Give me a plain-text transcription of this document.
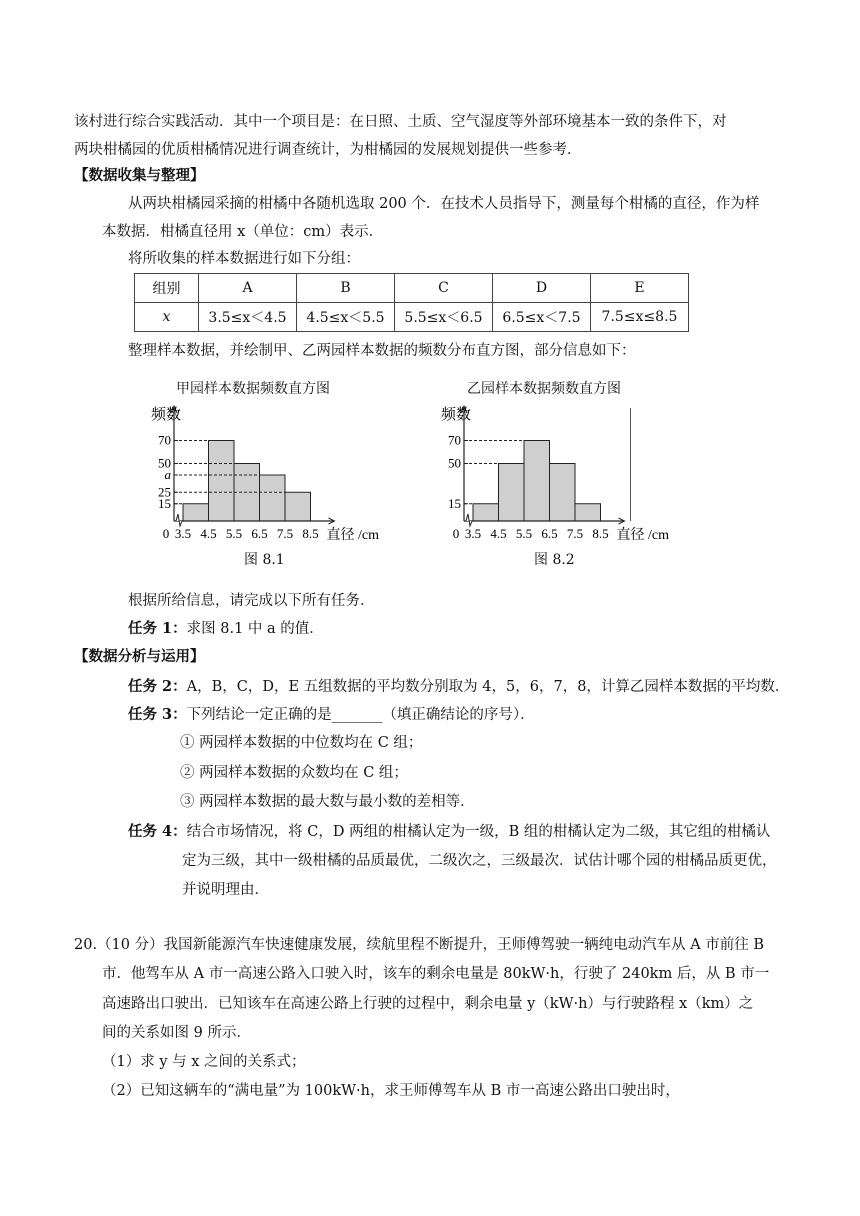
该村进行综合实践活动．其中一个项目是：在日照、土质、空气湿度等外部环境基本一致的条件下，对
两块柑橘园的优质柑橘情况进行调查统计，为柑橘园的发展规划提供一些参考．
【数据收集与整理】
从两块柑橘园采摘的柑橘中各随机选取 200 个．在技术人员指导下，测量每个柑橘的直径，作为样
本数据．柑橘直径用 x（单位：cm）表示．
将所收集的样本数据进行如下分组：
组别	A	B	C	D	E
x	3.5≤x＜4.5	4.5≤x＜5.5	5.5≤x＜6.5	6.5≤x＜7.5	7.5≤x≤8.5
整理样本数据，并绘制甲、乙两园样本数据的频数分布直方图，部分信息如下：
甲园样本数据频数直方图	乙园样本数据频数直方图
15
25
a
50
70
频数
0 3.5 4.5 5.5 6.5 7.5 8.5 直径 /cm
15
50
70
频数
0 3.5 4.5 5.5 6.5 7.5 8.5 直径 /cm
图 8.1	图 8.2
根据所给信息，请完成以下所有任务．
任务 1：求图 8.1 中 a 的值．
【数据分析与运用】
任务 2：A，B，C，D，E 五组数据的平均数分别取为 4，5，6，7，8，计算乙园样本数据的平均数．
任务 3：下列结论一定正确的是_______（填正确结论的序号）．
① 两园样本数据的中位数均在 C 组；
② 两园样本数据的众数均在 C 组；
③ 两园样本数据的最大数与最小数的差相等．
任务 4：结合市场情况，将 C，D 两组的柑橘认定为一级，B 组的柑橘认定为二级，其它组的柑橘认
定为三级，其中一级柑橘的品质最优，二级次之，三级最次．试估计哪个园的柑橘品质更优，
并说明理由．
20.（10 分）我国新能源汽车快速健康发展，续航里程不断提升，王师傅驾驶一辆纯电动汽车从 A 市前往 B
市．他驾车从 A 市一高速公路入口驶入时，该车的剩余电量是 80kW·h，行驶了 240km 后，从 B 市一
高速路出口驶出．已知该车在高速公路上行驶的过程中，剩余电量 y（kW·h）与行驶路程 x（km）之
间的关系如图 9 所示．
（1）求 y 与 x 之间的关系式；
（2）已知这辆车的“满电量”为 100kW·h，求王师傅驾车从 B 市一高速公路出口驶出时，
